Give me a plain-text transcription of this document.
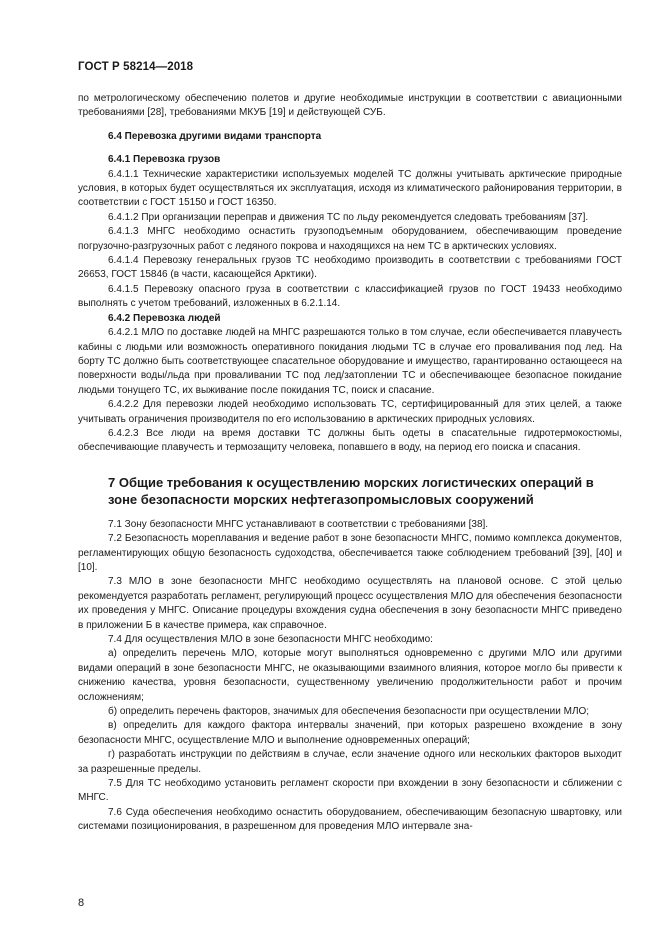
ГОСТ Р 58214—2018

по метрологическому обеспечению полетов и другие необходимые инструкции в соответствии с авиационными требованиями [28], требованиями МКУБ [19] и действующей СУБ.

6.4 Перевозка другими видами транспорта
6.4.1 Перевозка грузов

6.4.1.1 Технические характеристики используемых моделей ТС должны учитывать арктические природные условия, в которых будет осуществляться их эксплуатация, исходя из климатического районирования территории, в соответствии с ГОСТ 15150 и ГОСТ 16350.

6.4.1.2 При организации переправ и движения ТС по льду рекомендуется следовать требованиям [37].

6.4.1.3 МНГС необходимо оснастить грузоподъемным оборудованием, обеспечивающим проведение погрузочно-разгрузочных работ с ледяного покрова и находящихся на нем ТС в арктических условиях.

6.4.1.4 Перевозку генеральных грузов ТС необходимо производить в соответствии с требованиями ГОСТ 26653, ГОСТ 15846 (в части, касающейся Арктики).

6.4.1.5 Перевозку опасного груза в соответствии с классификацией грузов по ГОСТ 19433 необходимо выполнять с учетом требований, изложенных в 6.2.1.14.

6.4.2 Перевозка людей

6.4.2.1 МЛО по доставке людей на МНГС разрешаются только в том случае, если обеспечивается плавучесть кабины с людьми или возможность оперативного покидания людьми ТС в случае его проваливания под лед. На борту ТС должно быть соответствующее спасательное оборудование и имущество, гарантированно остающееся на поверхности воды/льда при проваливании ТС под лед/затоплении ТС и обеспечивающее безопасное покидание людьми тонущего ТС, их выживание после покидания ТС, поиск и спасание.

6.4.2.2 Для перевозки людей необходимо использовать ТС, сертифицированный для этих целей, а также учитывать ограничения производителя по его использованию в арктических природных условиях.

6.4.2.3 Все люди на время доставки ТС должны быть одеты в спасательные гидротермокостюмы, обеспечивающие плавучесть и термозащиту человека, попавшего в воду, на период его поиска и спасания.

7 Общие требования к осуществлению морских логистических операций в зоне безопасности морских нефтегазопромысловых сооружений

7.1 Зону безопасности МНГС устанавливают в соответствии с требованиями [38].

7.2 Безопасность мореплавания и ведение работ в зоне безопасности МНГС, помимо комплекса документов, регламентирующих общую безопасность судоходства, обеспечивается также соблюдением требований [39], [40] и [10].

7.3 МЛО в зоне безопасности МНГС необходимо осуществлять на плановой основе. С этой целью рекомендуется разработать регламент, регулирующий процесс осуществления МЛО для обеспечения безопасности их проведения у МНГС. Описание процедуры вхождения судна обеспечения в зону безопасности МНГС приведено в приложении Б в качестве примера, как справочное.

7.4 Для осуществления МЛО в зоне безопасности МНГС необходимо:

а) определить перечень МЛО, которые могут выполняться одновременно с другими МЛО или другими видами операций в зоне безопасности МНГС, не оказывающими взаимного влияния, которое могло бы привести к снижению качества, уровня безопасности, существенному увеличению продолжительности работ и прочим осложнениям;

б) определить перечень факторов, значимых для обеспечения безопасности при осуществлении МЛО;

в) определить для каждого фактора интервалы значений, при которых разрешено вхождение в зону безопасности МНГС, осуществление МЛО и выполнение одновременных операций;

г) разработать инструкции по действиям в случае, если значение одного или нескольких факторов выходит за разрешенные пределы.

7.5 Для ТС необходимо установить регламент скорости при вхождении в зону безопасности и сближении с МНГС.

7.6 Суда обеспечения необходимо оснастить оборудованием, обеспечивающим безопасную швартовку, или системами позиционирования, в разрешенном для проведения МЛО интервале зна-

8
